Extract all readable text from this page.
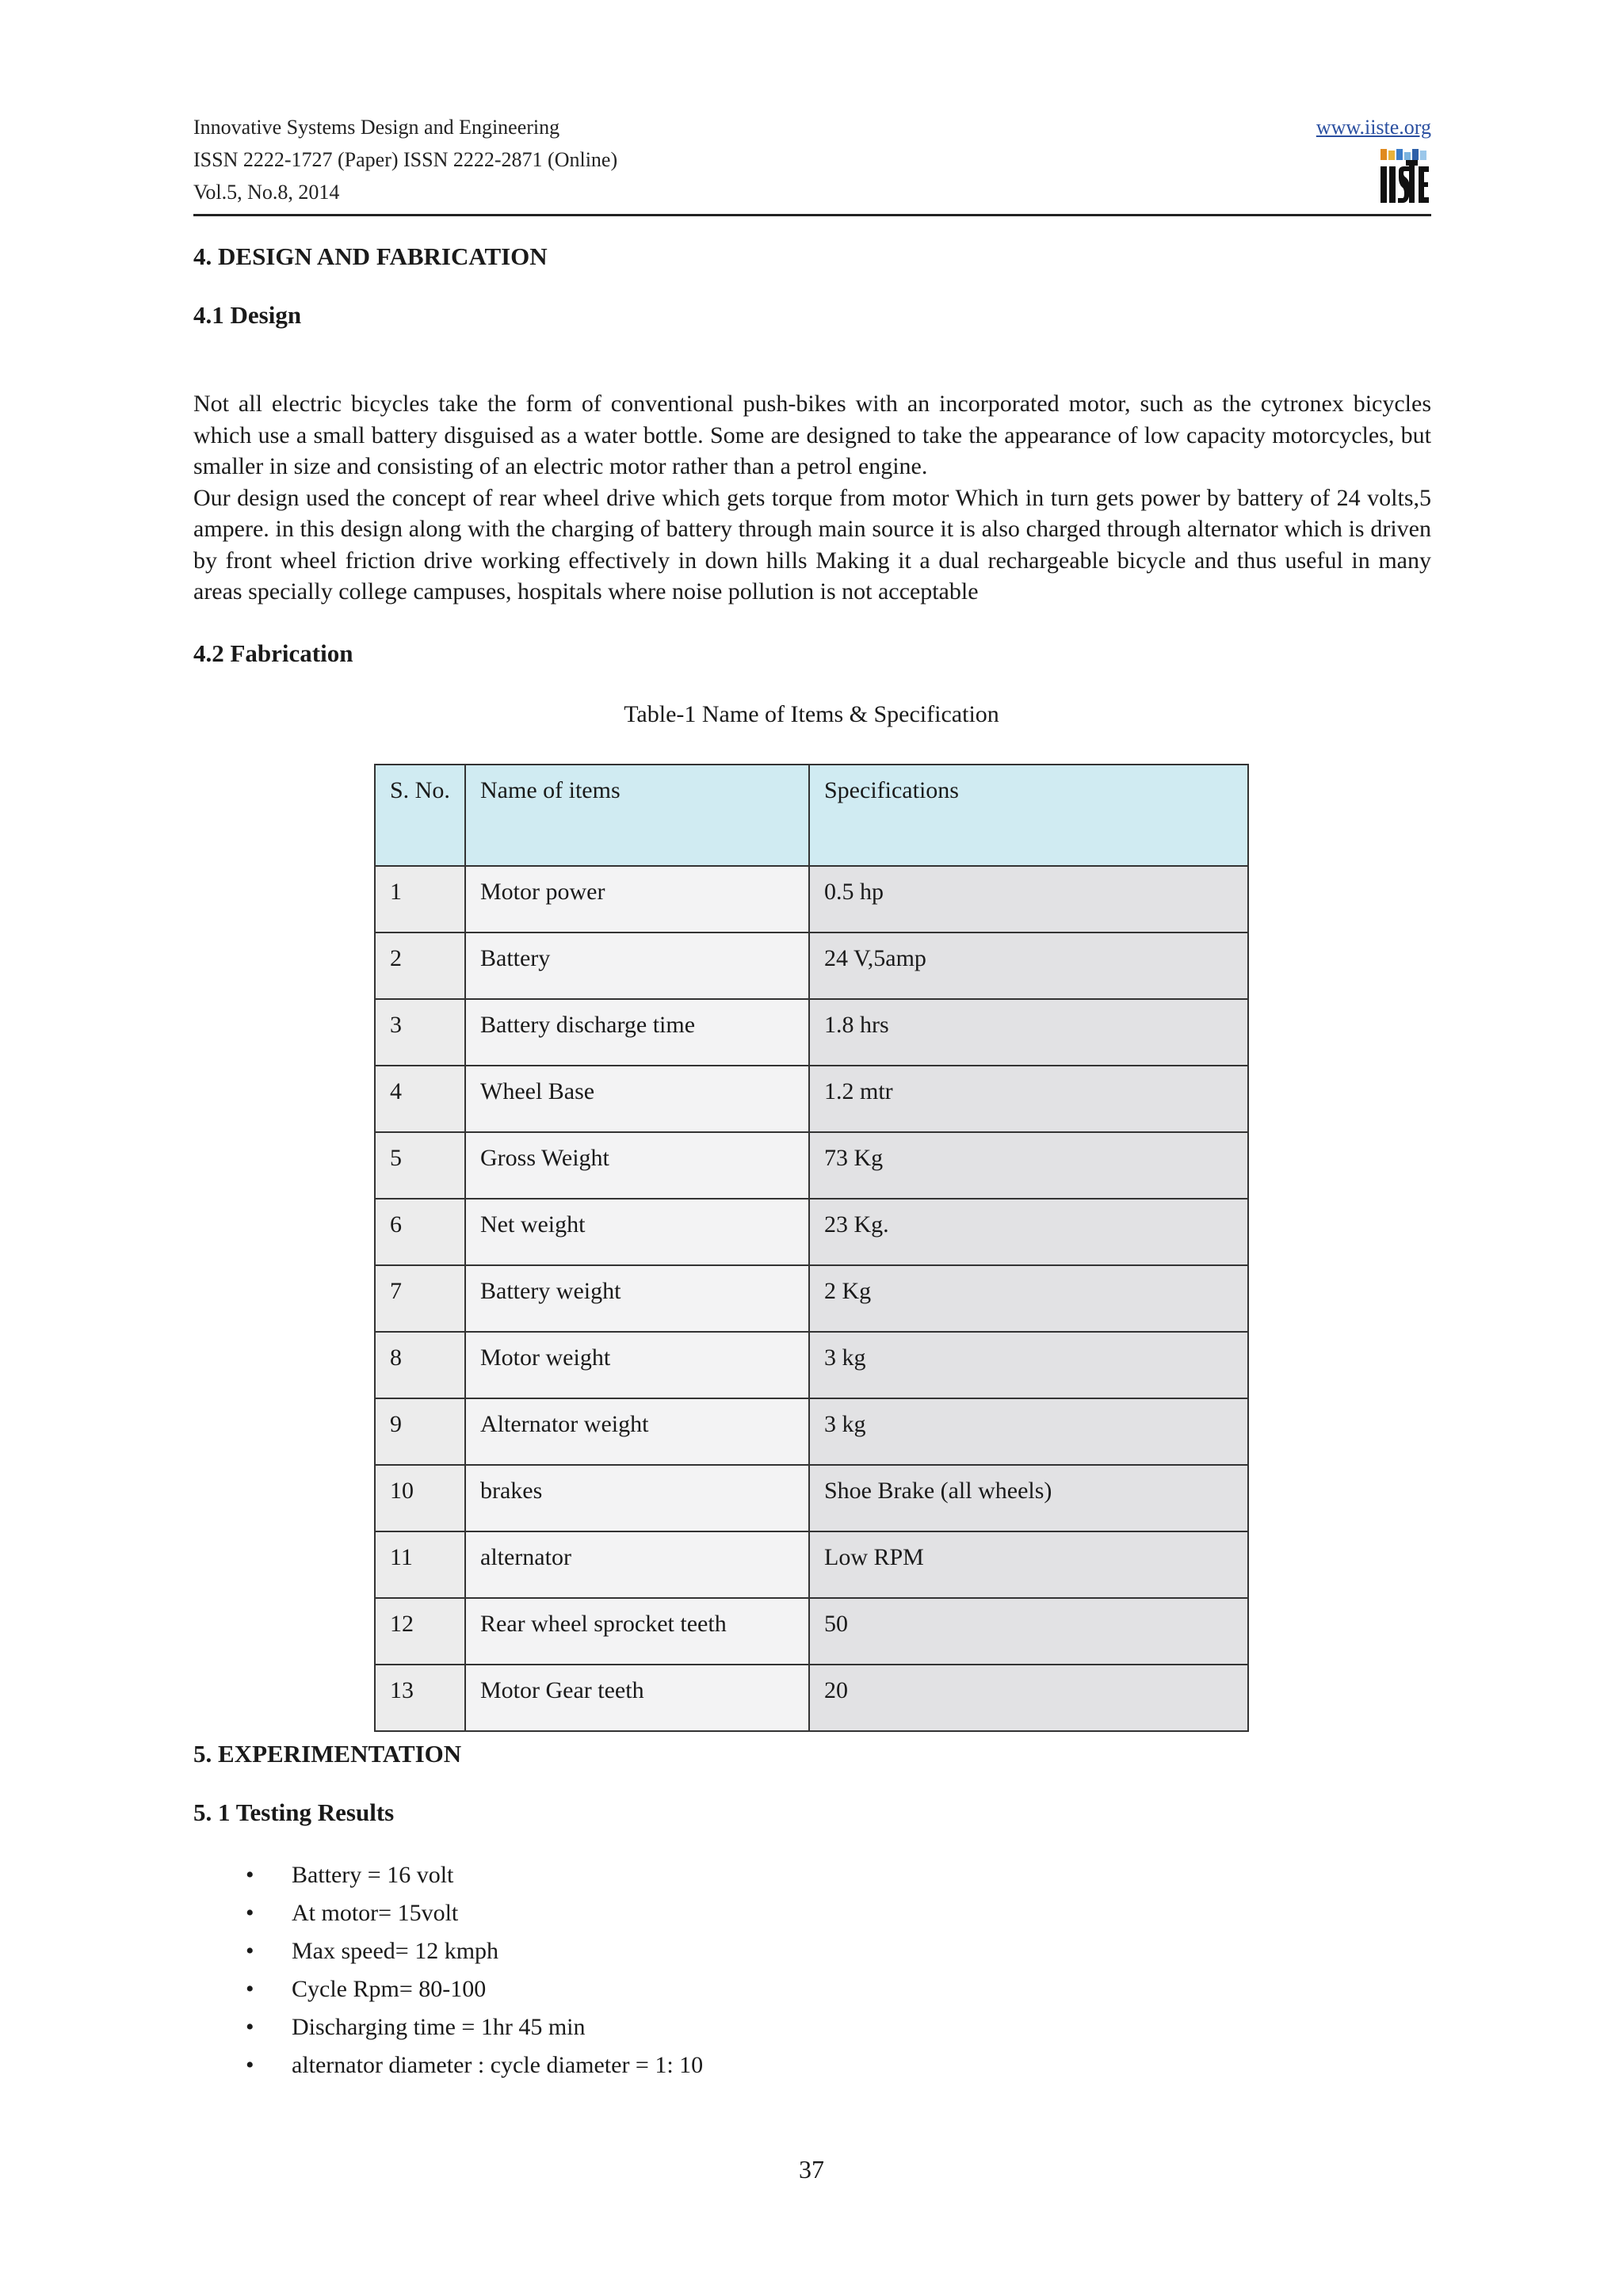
Innovative Systems Design and Engineering
ISSN 2222-1727 (Paper) ISSN 2222-2871 (Online)
Vol.5, No.8, 2014
www.iiste.org
4. DESIGN AND FABRICATION
4.1 Design

Not all electric bicycles take the form of conventional push-bikes with an incorporated motor, such as the cytronex bicycles which use a small battery disguised as a water bottle. Some are designed to take the appearance of low capacity motorcycles, but smaller in size and consisting of an electric motor rather than a petrol engine.

Our design used the concept of rear wheel drive which gets torque from motor Which in turn gets power by battery of 24 volts,5 ampere. in this design along with the charging of battery through main source it is also charged through alternator which is driven by front wheel friction drive working effectively in down hills Making it a dual rechargeable bicycle and thus useful in many areas specially college campuses, hospitals where noise pollution is not acceptable

4.2 Fabrication
Table-1 Name of Items & Specification
S. No.	Name of items	Specifications
1	Motor power	0.5 hp
2	Battery	24 V,5amp
3	Battery discharge time	1.8 hrs
4	Wheel Base	1.2 mtr
5	Gross Weight	73 Kg
6	Net weight	23 Kg.
7	Battery weight	2 Kg
8	Motor weight	3 kg
9	Alternator weight	3 kg
10	brakes	Shoe Brake (all wheels)
11	alternator	Low RPM
12	Rear wheel sprocket teeth	50
13	Motor Gear teeth	20
5. EXPERIMENTATION
5. 1 Testing Results
• Battery = 16 volt
• At motor= 15volt
• Max speed= 12 kmph
• Cycle Rpm= 80-100
• Discharging time = 1hr 45 min
• alternator diameter : cycle diameter = 1: 10
37
